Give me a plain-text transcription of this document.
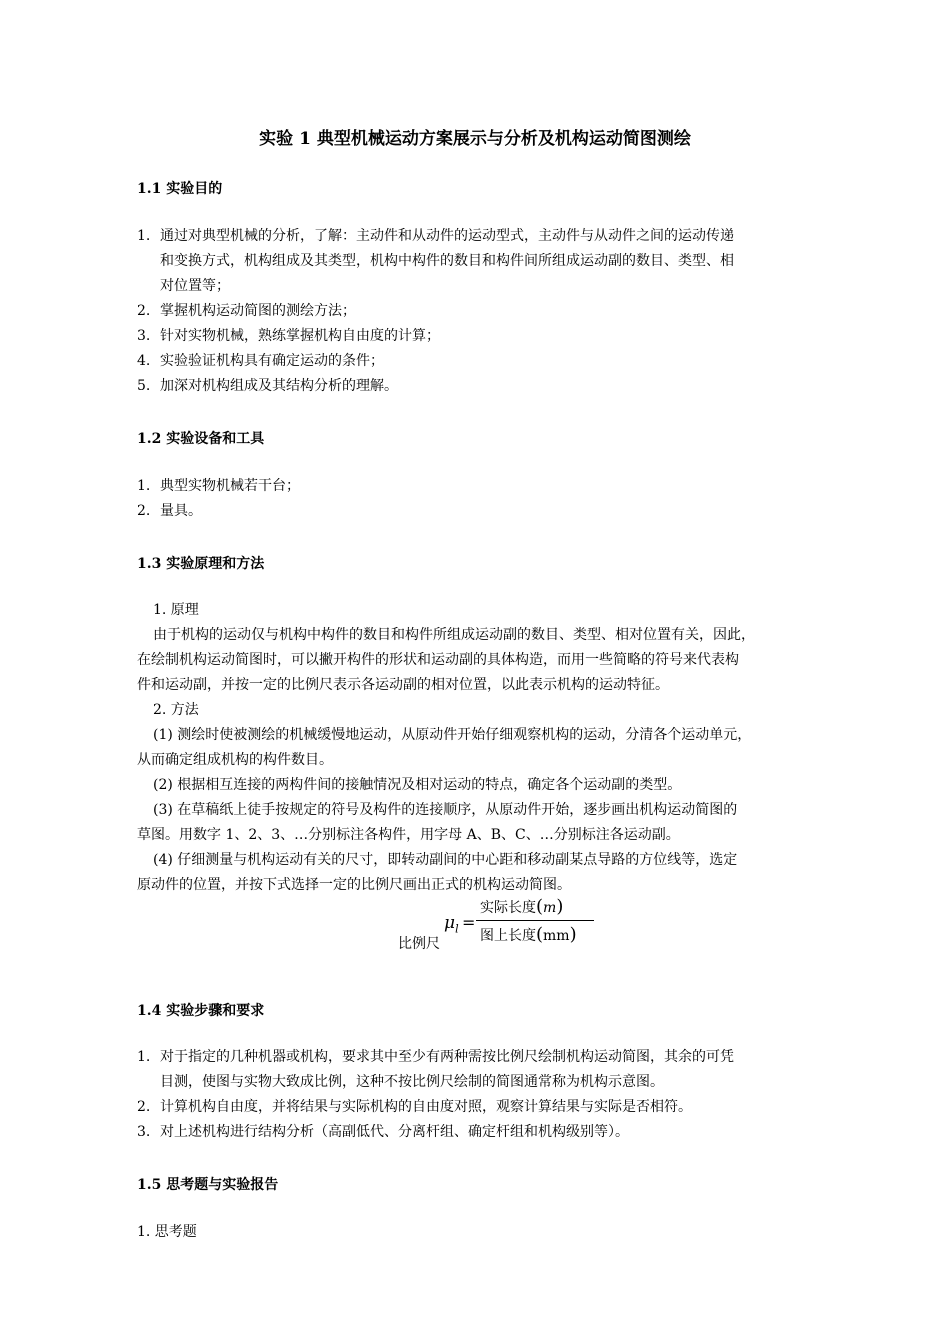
实验 1 典型机械运动方案展示与分析及机构运动简图测绘
1.1 实验目的
1. 通过对典型机械的分析，了解：主动件和从动件的运动型式，主动件与从动件之间的运动传递
和变换方式，机构组成及其类型，机构中构件的数目和构件间所组成运动副的数目、类型、相
对位置等；
2. 掌握机构运动简图的测绘方法；
3. 针对实物机械，熟练掌握机构自由度的计算；
4. 实验验证机构具有确定运动的条件；
5. 加深对机构组成及其结构分析的理解。
1.2 实验设备和工具
1. 典型实物机械若干台；
2. 量具。
1.3 实验原理和方法
1. 原理
由于机构的运动仅与机构中构件的数目和构件所组成运动副的数目、类型、相对位置有关，因此，
在绘制机构运动简图时，可以撇开构件的形状和运动副的具体构造，而用一些简略的符号来代表构
件和运动副，并按一定的比例尺表示各运动副的相对位置，以此表示机构的运动特征。
2. 方法
(1) 测绘时使被测绘的机械缓慢地运动，从原动件开始仔细观察机构的运动，分清各个运动单元，
从而确定组成机构的构件数目。
(2) 根据相互连接的两构件间的接触情况及相对运动的特点，确定各个运动副的类型。
(3) 在草稿纸上徒手按规定的符号及构件的连接顺序，从原动件开始，逐步画出机构运动简图的
草图。用数字 1、2、3、…分别标注各构件，用字母 A、B、C、…分别标注各运动副。
(4) 仔细测量与机构运动有关的尺寸，即转动副间的中心距和移动副某点导路的方位线等，选定
原动件的位置，并按下式选择一定的比例尺画出正式的机构运动简图。
比例尺
$\mu_l$ =
实际长度(m)
图上长度(mm)
1.4 实验步骤和要求
1. 对于指定的几种机器或机构，要求其中至少有两种需按比例尺绘制机构运动简图，其余的可凭
目测，使图与实物大致成比例，这种不按比例尺绘制的简图通常称为机构示意图。
2. 计算机构自由度，并将结果与实际机构的自由度对照，观察计算结果与实际是否相符。
3. 对上述机构进行结构分析（高副低代、分离杆组、确定杆组和机构级别等）。
1.5 思考题与实验报告
1. 思考题
